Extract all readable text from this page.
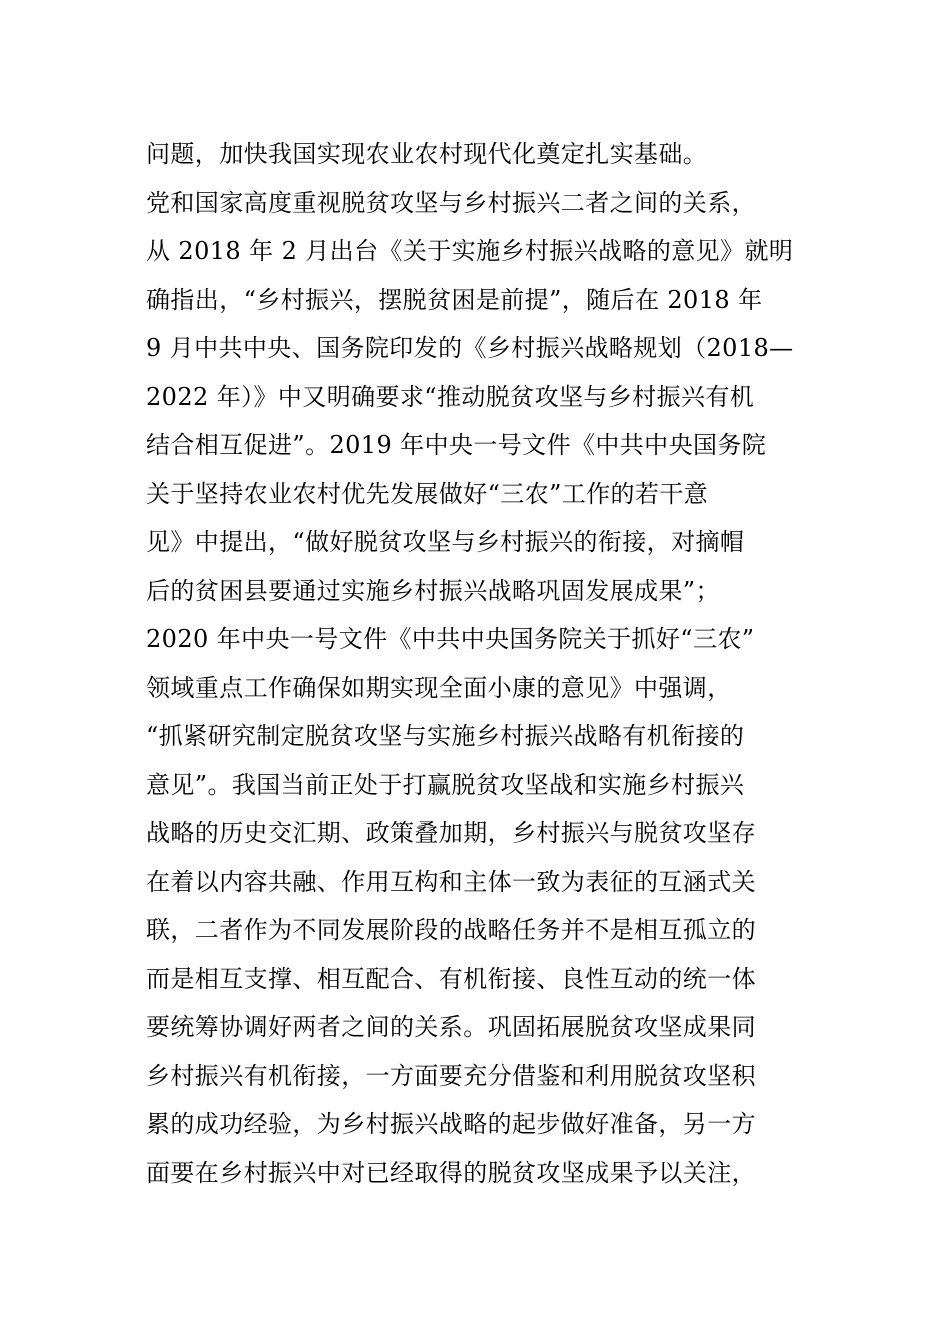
问题，加快我国实现农业农村现代化奠定扎实基础。
党和国家高度重视脱贫攻坚与乡村振兴二者之间的关系，
从 2018 年 2 月出台《关于实施乡村振兴战略的意见》就明
确指出，“乡村振兴，摆脱贫困是前提”，随后在 2018 年
9 月中共中央、国务院印发的《乡村振兴战略规划（2018—
2022 年）》中又明确要求“推动脱贫攻坚与乡村振兴有机
结合相互促进”。2019 年中央一号文件《中共中央国务院
关于坚持农业农村优先发展做好“三农”工作的若干意
见》中提出，“做好脱贫攻坚与乡村振兴的衔接，对摘帽
后的贫困县要通过实施乡村振兴战略巩固发展成果”；
2020 年中央一号文件《中共中央国务院关于抓好“三农”
领域重点工作确保如期实现全面小康的意见》中强调，
“抓紧研究制定脱贫攻坚与实施乡村振兴战略有机衔接的
意见”。我国当前正处于打赢脱贫攻坚战和实施乡村振兴
战略的历史交汇期、政策叠加期，乡村振兴与脱贫攻坚存
在着以内容共融、作用互构和主体一致为表征的互涵式关
联，二者作为不同发展阶段的战略任务并不是相互孤立的
而是相互支撑、相互配合、有机衔接、良性互动的统一体
要统筹协调好两者之间的关系。巩固拓展脱贫攻坚成果同
乡村振兴有机衔接，一方面要充分借鉴和利用脱贫攻坚积
累的成功经验，为乡村振兴战略的起步做好准备，另一方
面要在乡村振兴中对已经取得的脱贫攻坚成果予以关注，
